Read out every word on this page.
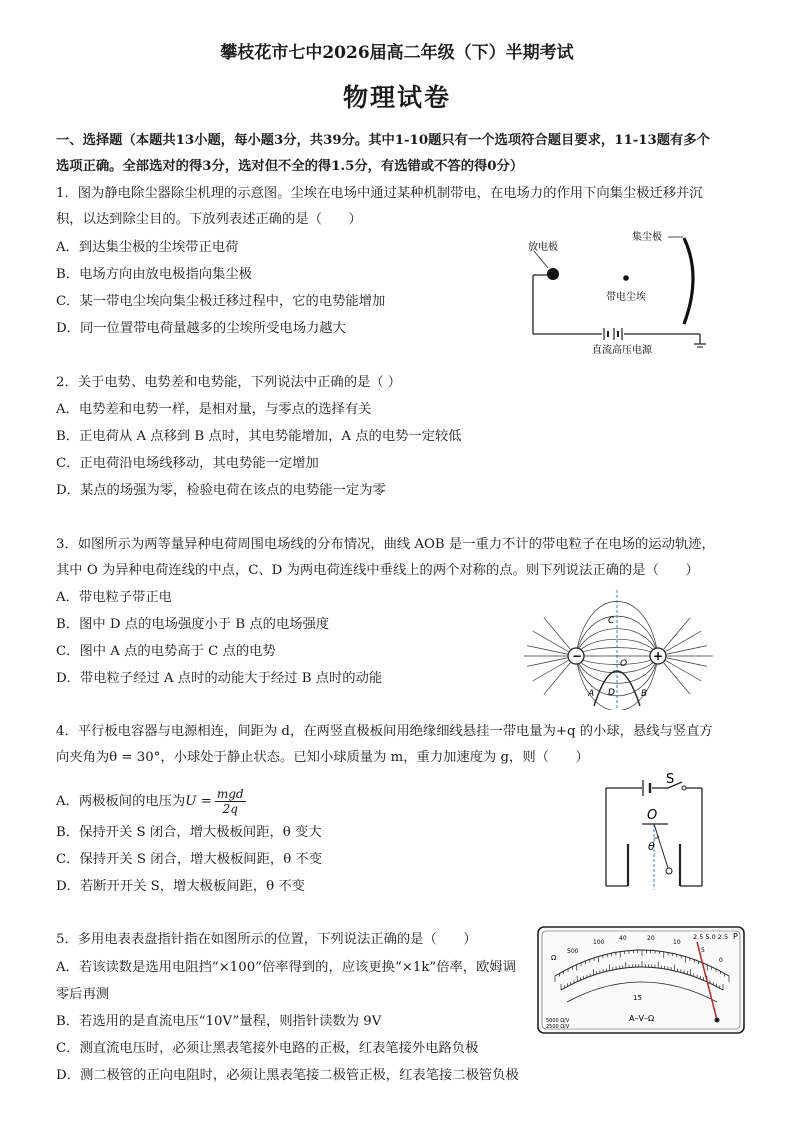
攀枝花市七中2026届高二年级（下）半期考试
物理试卷
一、选择题（本题共13小题，每小题3分，共39分。其中1-10题只有一个选项符合题目要求，11-13题有多个
选项正确。全部选对的得3分，选对但不全的得1.5分，有选错或不答的得0分）
1．图为静电除尘器除尘机理的示意图。尘埃在电场中通过某种机制带电，在电场力的作用下向集尘极迁移并沉
积，以达到除尘目的。下放列表述正确的是（　　）
A．到达集尘极的尘埃带正电荷
B．电场方向由放电极指向集尘极
C．某一带电尘埃向集尘极迁移过程中，它的电势能增加
D．同一位置带电荷量越多的尘埃所受电场力越大
放电极
集尘极
带电尘埃
直流高压电源
2．关于电势、电势差和电势能，下列说法中正确的是（ ）
A．电势差和电势一样，是相对量，与零点的选择有关
B．正电荷从 A 点移到 B 点时，其电势能增加，A 点的电势一定较低
C．正电荷沿电场线移动，其电势能一定增加
D．某点的场强为零，检验电荷在该点的电势能一定为零
3．如图所示为两等量异种电荷周围电场线的分布情况，曲线 AOB 是一重力不计的带电粒子在电场的运动轨迹，
其中 O 为异种电荷连线的中点，C、D 为两电荷连线中垂线上的两个对称的点。则下列说法正确的是（　　）
A．带电粒子带正电
B．图中 D 点的电场强度小于 B 点的电场强度
C．图中 A 点的电势高于 C 点的电势
D．带电粒子经过 A 点时的动能大于经过 B 点时的动能
−	+
C
D
O
A	B
4．平行板电容器与电源相连，间距为 d，在两竖直极板间用绝缘细线悬挂一带电量为+q 的小球，悬线与竖直方
向夹角为θ = 30°，小球处于静止状态。已知小球质量为 m，重力加速度为 g，则（　　）
A．两极板间的电压为U = mgd
2q
B．保持开关 S 闭合，增大极板间距，θ 变大
C．保持开关 S 闭合，增大极板间距，θ 不变
D．若断开开关 S，增大极板间距，θ 不变
S
O
θ
5．多用电表表盘指针指在如图所示的位置，下列说法正确的是（　　）
A．若该读数是选用电阻挡“×100”倍率得到的，应该更换“×1k”倍率，欧姆调
零后再测
B．若选用的是直流电压“10V”量程，则指针读数为 9V
C．测直流电压时，必须让黑表笔接外电路的正极，红表笔接外电路负极
D．测二极管的正向电阻时，必须让黑表笔接二极管正极，红表笔接二极管负极
500
100
40	20
10
5
0
Ω
15
A–V–Ω
2.5 5.0 2.5 P
5000 Ω/V
2500 Ω/V
